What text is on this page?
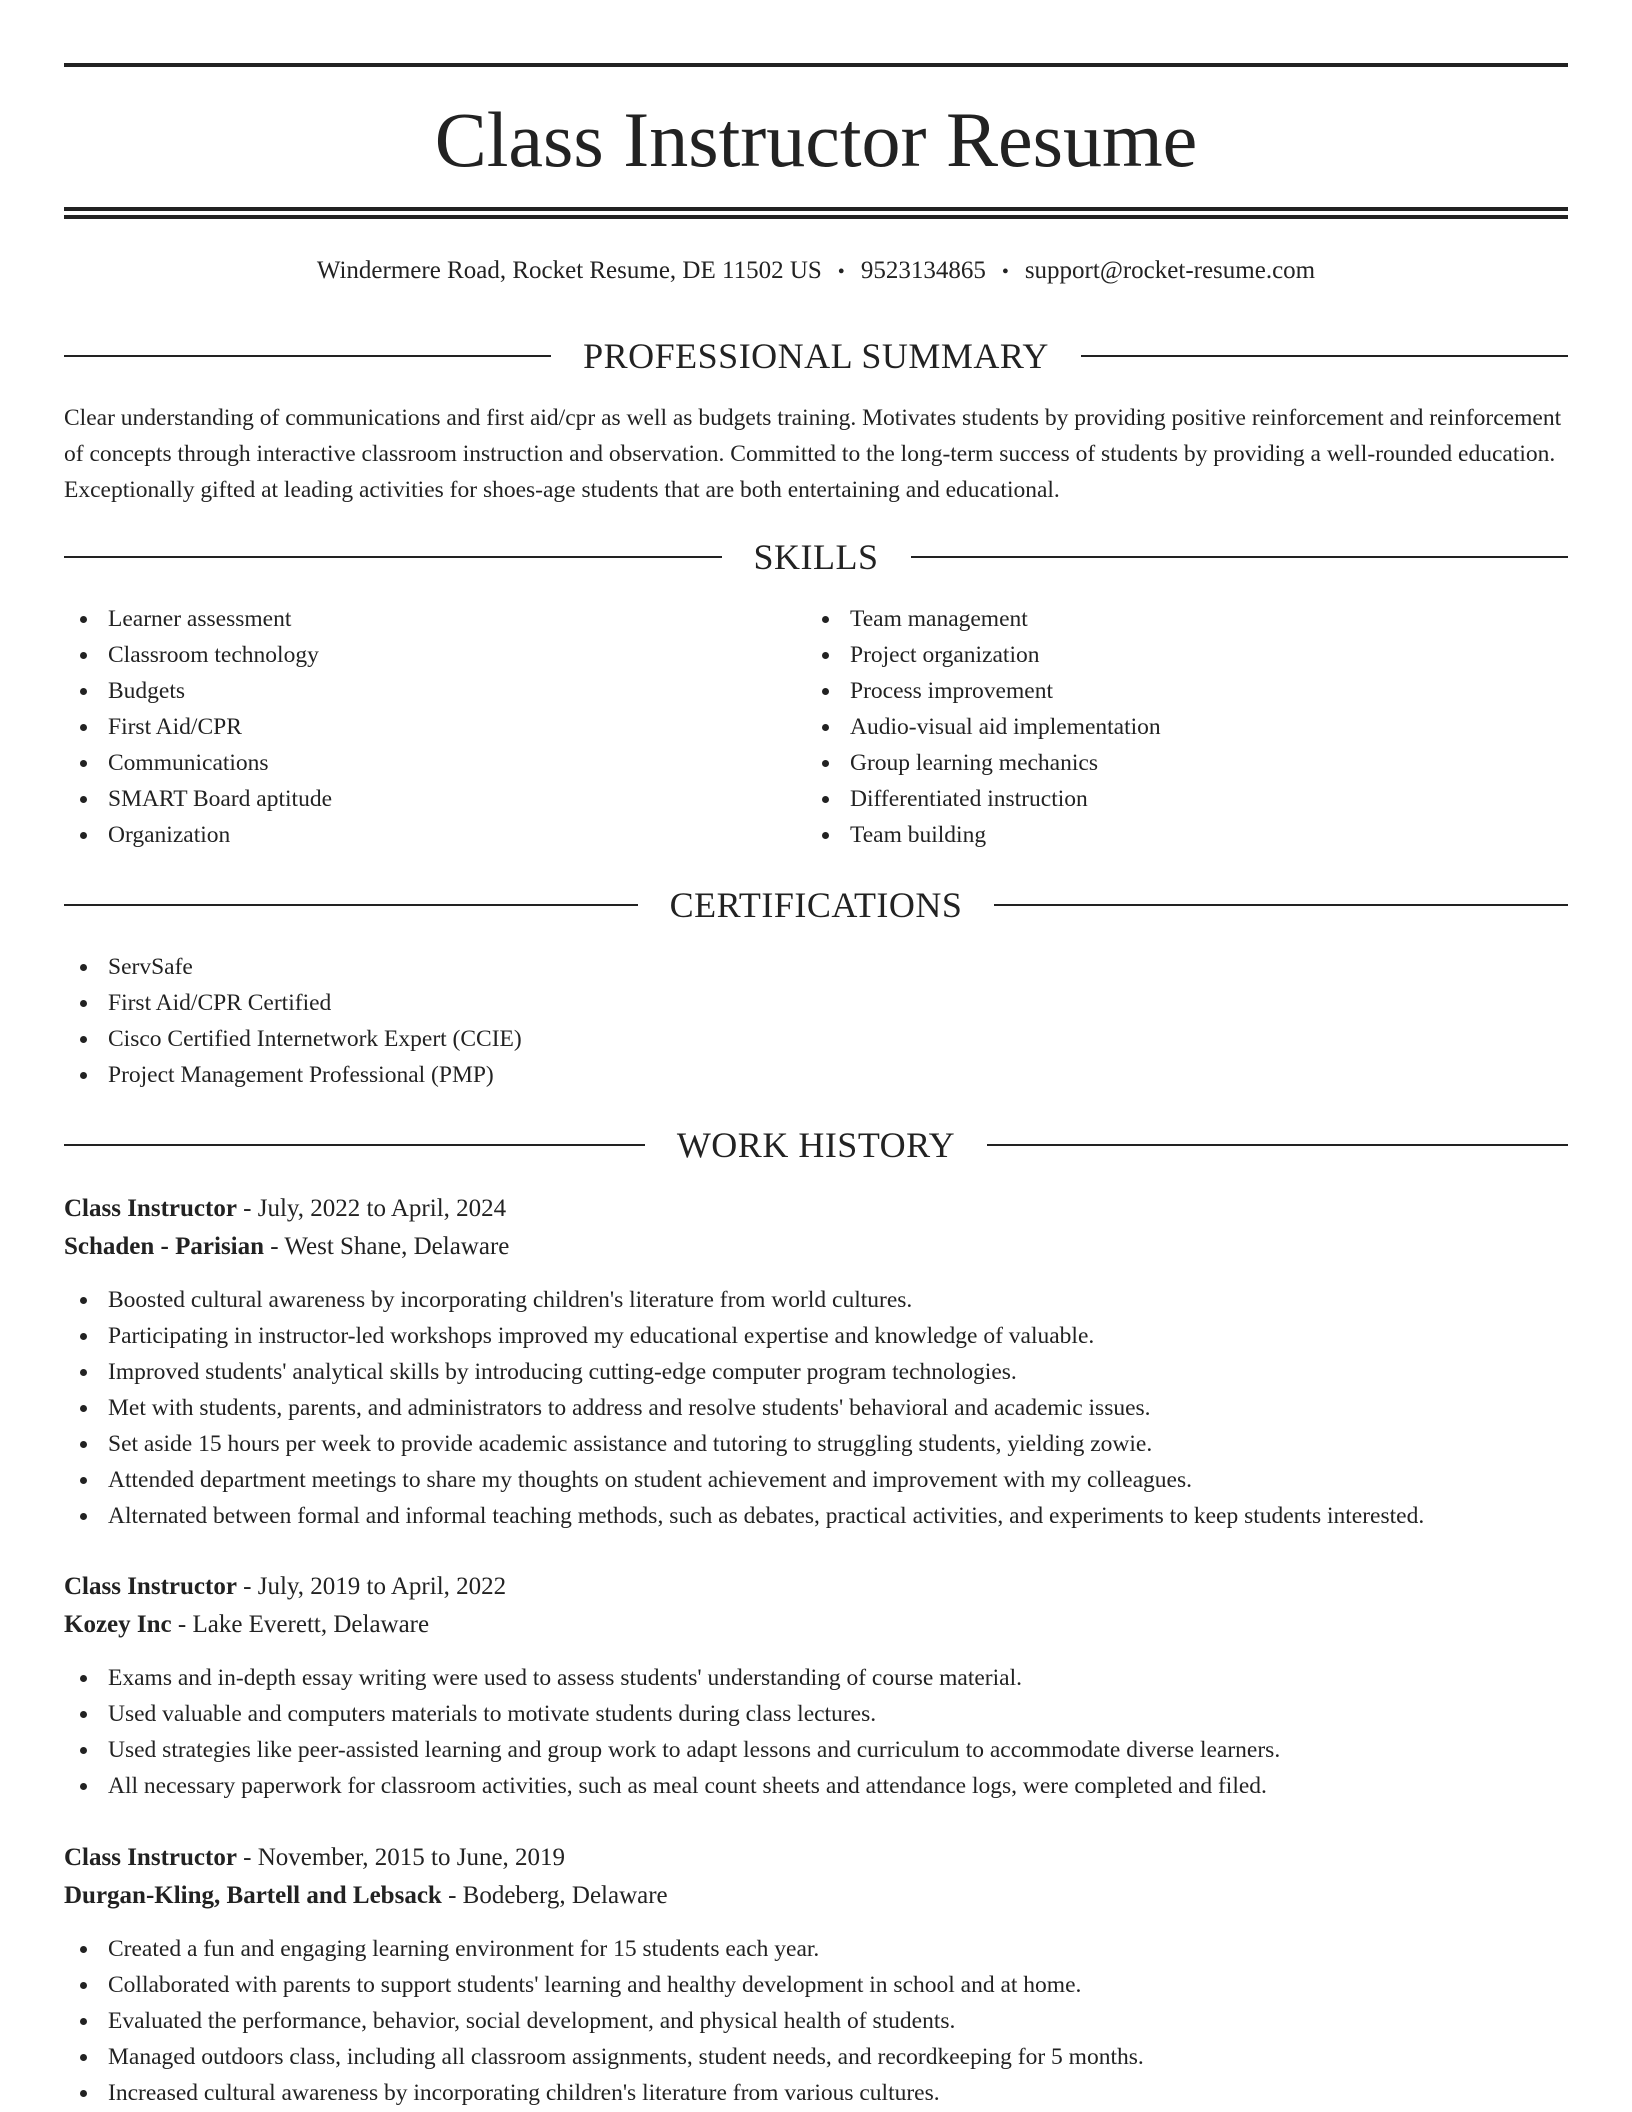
Class Instructor Resume
Windermere Road, Rocket Resume, DE 11502 US • 9523134865 • support@rocket-resume.com
PROFESSIONAL SUMMARY

Clear understanding of communications and first aid/cpr as well as budgets training. Motivates students by providing positive reinforcement and reinforcement of concepts through interactive classroom instruction and observation. Committed to the long-term success of students by providing a well-rounded education. Exceptionally gifted at leading activities for shoes-age students that are both entertaining and educational.

SKILLS
Learner assessment
Classroom technology
Budgets
First Aid/CPR
Communications
SMART Board aptitude
Organization
Team management
Project organization
Process improvement
Audio-visual aid implementation
Group learning mechanics
Differentiated instruction
Team building
CERTIFICATIONS
ServSafe
First Aid/CPR Certified
Cisco Certified Internetwork Expert (CCIE)
Project Management Professional (PMP)
WORK HISTORY
Class Instructor - July, 2022 to April, 2024
Schaden - Parisian - West Shane, Delaware
Boosted cultural awareness by incorporating children's literature from world cultures.
Participating in instructor-led workshops improved my educational expertise and knowledge of valuable.
Improved students' analytical skills by introducing cutting-edge computer program technologies.
Met with students, parents, and administrators to address and resolve students' behavioral and academic issues.
Set aside 15 hours per week to provide academic assistance and tutoring to struggling students, yielding zowie.
Attended department meetings to share my thoughts on student achievement and improvement with my colleagues.
Alternated between formal and informal teaching methods, such as debates, practical activities, and experiments to keep students interested.
Class Instructor - July, 2019 to April, 2022
Kozey Inc - Lake Everett, Delaware
Exams and in-depth essay writing were used to assess students' understanding of course material.
Used valuable and computers materials to motivate students during class lectures.
Used strategies like peer-assisted learning and group work to adapt lessons and curriculum to accommodate diverse learners.
All necessary paperwork for classroom activities, such as meal count sheets and attendance logs, were completed and filed.
Class Instructor - November, 2015 to June, 2019
Durgan-Kling, Bartell and Lebsack - Bodeberg, Delaware
Created a fun and engaging learning environment for 15 students each year.
Collaborated with parents to support students' learning and healthy development in school and at home.
Evaluated the performance, behavior, social development, and physical health of students.
Managed outdoors class, including all classroom assignments, student needs, and recordkeeping for 5 months.
Increased cultural awareness by incorporating children's literature from various cultures.
